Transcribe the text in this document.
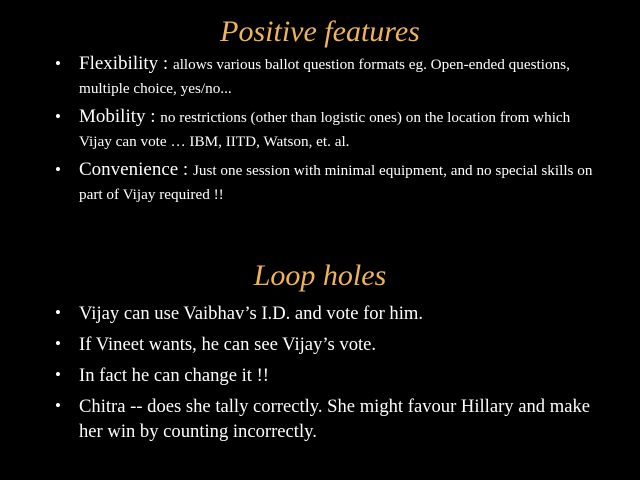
Positive features
• Flexibility : allows various ballot question formats eg. Open-ended questions, multiple choice, yes/no...
• Mobility : no restrictions (other than logistic ones) on the location from which Vijay can vote … IBM, IITD, Watson, et. al.
• Convenience : Just one session with minimal equipment, and no special skills on part of Vijay required !!
Loop holes
• Vijay can use Vaibhav’s I.D. and vote for him.
• If Vineet wants, he can see Vijay’s vote.
• In fact he can change it !!
• Chitra -- does she tally correctly. She might favour Hillary and make her win by counting incorrectly.
